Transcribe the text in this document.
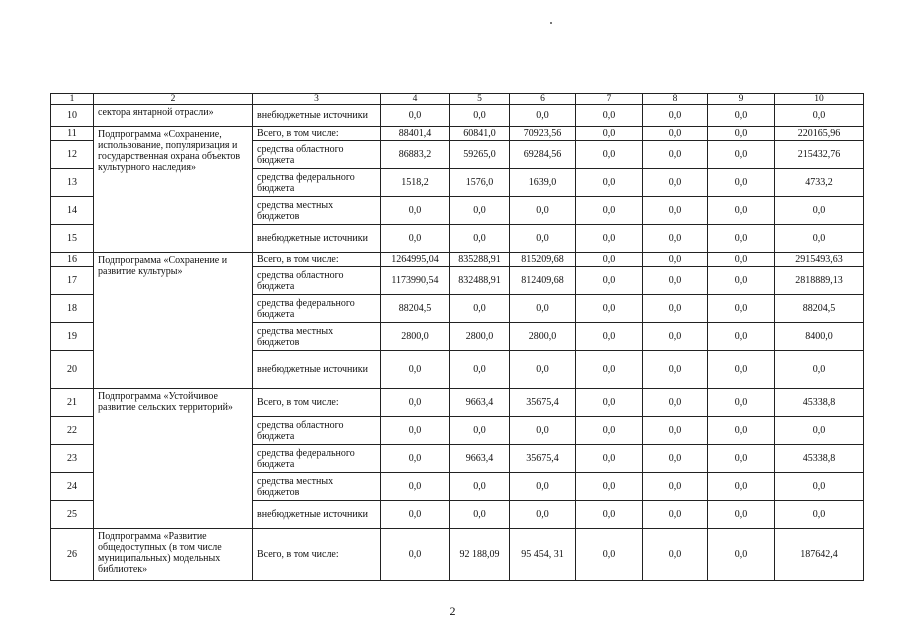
1	2	3	4	5	6	7	8	9	10
10	сектора янтарной отрасли»	внебюджетные источники	0,0	0,0	0,0	0,0	0,0	0,0	0,0
11	Подпрограмма «Сохранение, использование, популяризация и государственная охрана объектов культурного наследия»	Всего, в том числе:	88401,4	60841,0	70923,56	0,0	0,0	0,0	220165,96
12		средства областного бюджета	86883,2	59265,0	69284,56	0,0	0,0	0,0	215432,76
13		средства федерального бюджета	1518,2	1576,0	1639,0	0,0	0,0	0,0	4733,2
14		средства местных бюджетов	0,0	0,0	0,0	0,0	0,0	0,0	0,0
15		внебюджетные источники	0,0	0,0	0,0	0,0	0,0	0,0	0,0
16	Подпрограмма «Сохранение и развитие культуры»	Всего, в том числе:	1264995,04	835288,91	815209,68	0,0	0,0	0,0	2915493,63
17		средства областного бюджета	1173990,54	832488,91	812409,68	0,0	0,0	0,0	2818889,13
18		средства федерального бюджета	88204,5	0,0	0,0	0,0	0,0	0,0	88204,5
19		средства местных бюджетов	2800,0	2800,0	2800,0	0,0	0,0	0,0	8400,0
20		внебюджетные источники	0,0	0,0	0,0	0,0	0,0	0,0	0,0
21	Подпрограмма «Устойчивое развитие сельских территорий»	Всего, в том числе:	0,0	9663,4	35675,4	0,0	0,0	0,0	45338,8
22		средства областного бюджета	0,0	0,0	0,0	0,0	0,0	0,0	0,0
23		средства федерального бюджета	0,0	9663,4	35675,4	0,0	0,0	0,0	45338,8
24		средства местных бюджетов	0,0	0,0	0,0	0,0	0,0	0,0	0,0
25		внебюджетные источники	0,0	0,0	0,0	0,0	0,0	0,0	0,0
26	Подпрограмма «Развитие общедоступных (в том числе муниципальных) модельных библиотек»	Всего, в том числе:	0,0	92 188,09	95 454, 31	0,0	0,0	0,0	187642,4
2
